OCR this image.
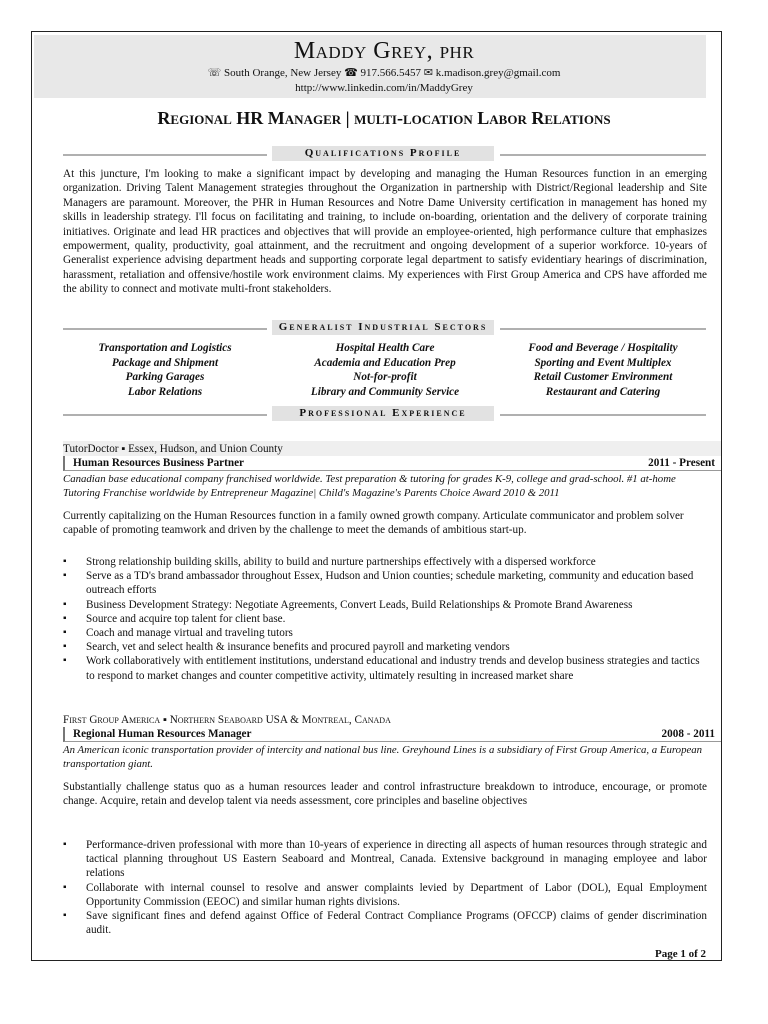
Maddy Grey, PHR
☏ South Orange, New Jersey ☎ 917.566.5457 ✉ k.madison.grey@gmail.com
http://www.linkedin.com/in/MaddyGrey
Regional HR Manager | multi-location Labor Relations
Qualifications Profile
At this juncture, I'm looking to make a significant impact by developing and managing the Human Resources function in an emerging organization. Driving Talent Management strategies throughout the Organization in partnership with District/Regional leadership and Site Managers are paramount. Moreover, the PHR in Human Resources and Notre Dame University certification in management has honed my skills in leadership strategy. I'll focus on facilitating and training, to include on-boarding, orientation and the delivery of corporate training initiatives. Originate and lead HR practices and objectives that will provide an employee-oriented, high performance culture that emphasizes empowerment, quality, productivity, goal attainment, and the recruitment and ongoing development of a superior workforce. 10-years of Generalist experience advising department heads and supporting corporate legal department to satisfy evidentiary hearings of discrimination, harassment, retaliation and offensive/hostile work environment claims. My experiences with First Group America and CPS have afforded me the ability to connect and motivate multi-front stakeholders.
Generalist Industrial Sectors
Transportation and Logistics
Package and Shipment
Parking Garages
Labor Relations
Hospital Health Care
Academia and Education Prep
Not-for-profit
Library and Community Service
Food and Beverage / Hospitality
Sporting and Event Multiplex
Retail Customer Environment
Restaurant and Catering
Professional Experience
TutorDoctor ▪ Essex, Hudson, and Union County
Human Resources Business Partner	2011 - Present
Canadian base educational company franchised worldwide. Test preparation & tutoring for grades K-9, college and grad-school. #1 at-home Tutoring Franchise worldwide by Entrepreneur Magazine| Child's Magazine's Parents Choice Award 2010 & 2011
Currently capitalizing on the Human Resources function in a family owned growth company. Articulate communicator and problem solver capable of promoting teamwork and driven by the challenge to meet the demands of ambitious start-up.
▪ Strong relationship building skills, ability to build and nurture partnerships effectively with a dispersed workforce
▪ Serve as a TD's brand ambassador throughout Essex, Hudson and Union counties; schedule marketing, community and education based outreach efforts
▪ Business Development Strategy: Negotiate Agreements, Convert Leads, Build Relationships & Promote Brand Awareness
▪ Source and acquire top talent for client base.
▪ Coach and manage virtual and traveling tutors
▪ Search, vet and select health & insurance benefits and procured payroll and marketing vendors
▪ Work collaboratively with entitlement institutions, understand educational and industry trends and develop business strategies and tactics to respond to market changes and counter competitive activity, ultimately resulting in increased market share
First Group America ▪ Northern Seaboard USA & Montreal, Canada
Regional Human Resources Manager	2008 - 2011
An American iconic transportation provider of intercity and national bus line. Greyhound Lines is a subsidiary of First Group America, a European transportation giant.
Substantially challenge status quo as a human resources leader and control infrastructure breakdown to introduce, encourage, or promote change. Acquire, retain and develop talent via needs assessment, core principles and baseline objectives
▪ Performance-driven professional with more than 10-years of experience in directing all aspects of human resources through strategic and tactical planning throughout US Eastern Seaboard and Montreal, Canada. Extensive background in managing employee and labor relations
▪ Collaborate with internal counsel to resolve and answer complaints levied by Department of Labor (DOL), Equal Employment Opportunity Commission (EEOC) and similar human rights divisions.
▪ Save significant fines and defend against Office of Federal Contract Compliance Programs (OFCCP) claims of gender discrimination audit.
Page 1 of 2
